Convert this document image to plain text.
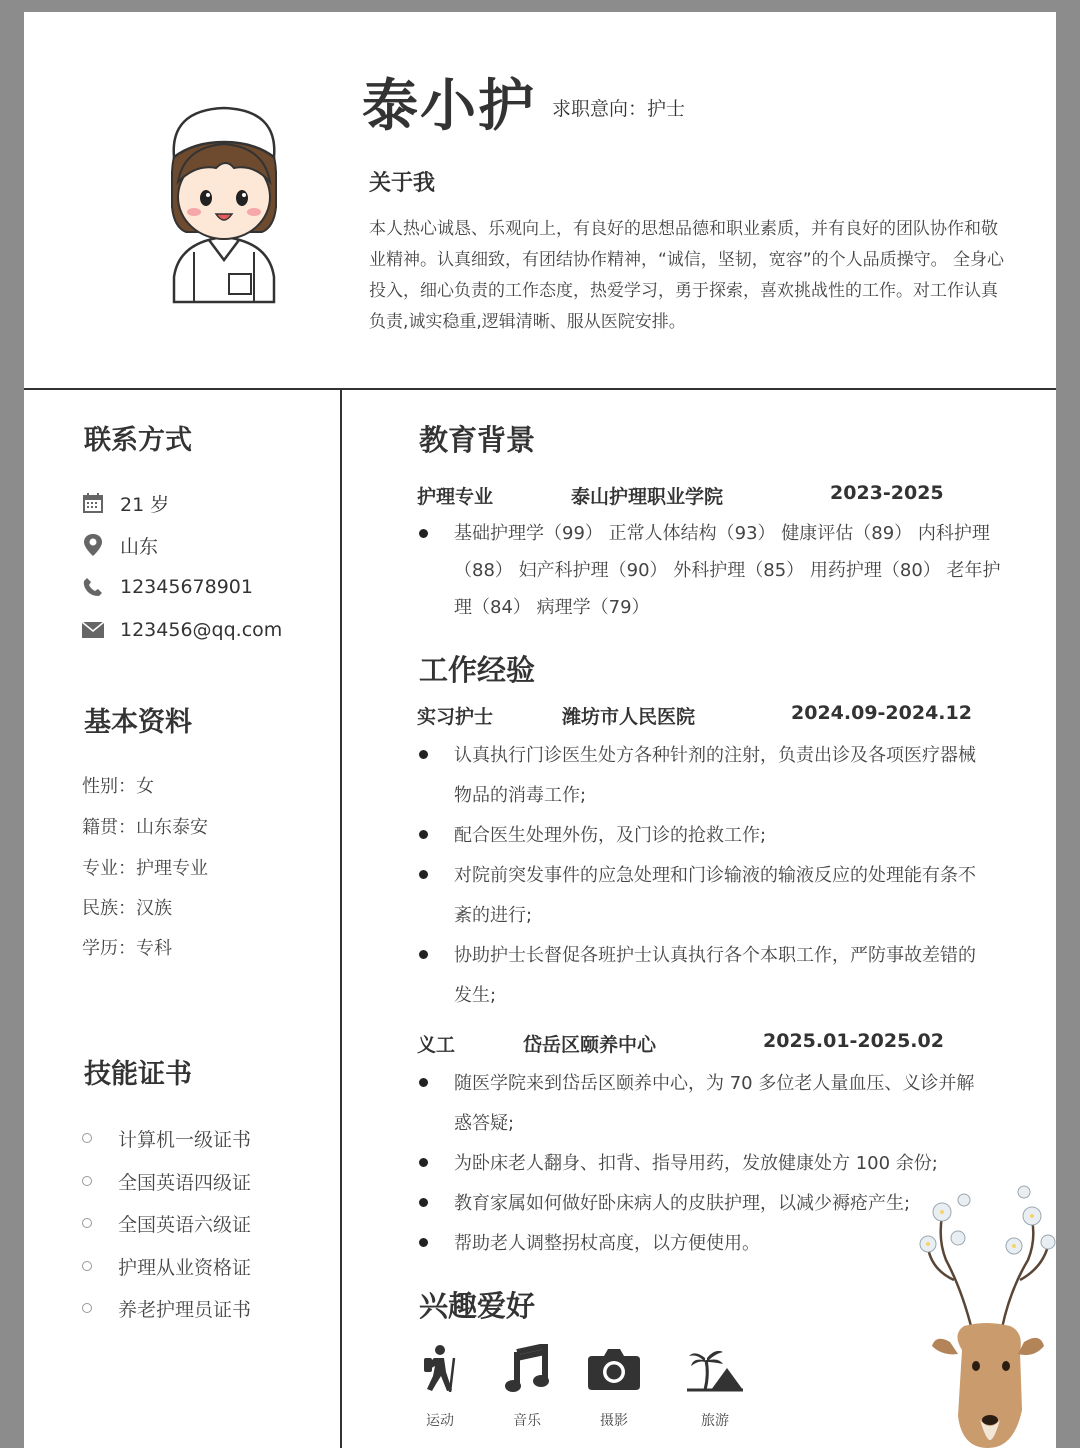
泰小护 求职意向：护士
关于我
本人热心诚恳、乐观向上，有良好的思想品德和职业素质，并有良好的团队协作和敬业精神。认真细致，有团结协作精神，“诚信，坚韧，宽容”的个人品质操守。 全身心投入，细心负责的工作态度，热爱学习，勇于探索，喜欢挑战性的工作。对工作认真负责,诚实稳重,逻辑清晰、服从医院安排。
联系方式
21 岁
山东
12345678901
123456@qq.com
基本资料
性别：女
籍贯：山东泰安
专业：护理专业
民族：汉族
学历：专科
技能证书
计算机一级证书
全国英语四级证
全国英语六级证
护理从业资格证
养老护理员证书
教育背景
护理专业	泰山护理职业学院	2023-2025
基础护理学（99） 正常人体结构（93） 健康评估（89） 内科护理（88） 妇产科护理（90） 外科护理（85） 用药护理（80） 老年护理（84） 病理学（79）
工作经验
实习护士	潍坊市人民医院	2024.09-2024.12
认真执行门诊医生处方各种针剂的注射，负责出诊及各项医疗器械物品的消毒工作;
配合医生处理外伤，及门诊的抢救工作;
对院前突发事件的应急处理和门诊输液的输液反应的处理能有条不紊的进行;
协助护士长督促各班护士认真执行各个本职工作，严防事故差错的发生;
义工	岱岳区颐养中心	2025.01-2025.02
随医学院来到岱岳区颐养中心，为 70 多位老人量血压、义诊并解惑答疑;
为卧床老人翻身、扣背、指导用药，发放健康处方 100 余份;
教育家属如何做好卧床病人的皮肤护理，以减少褥疮产生;
帮助老人调整拐杖高度，以方便使用。
兴趣爱好
运动	音乐	摄影	旅游
